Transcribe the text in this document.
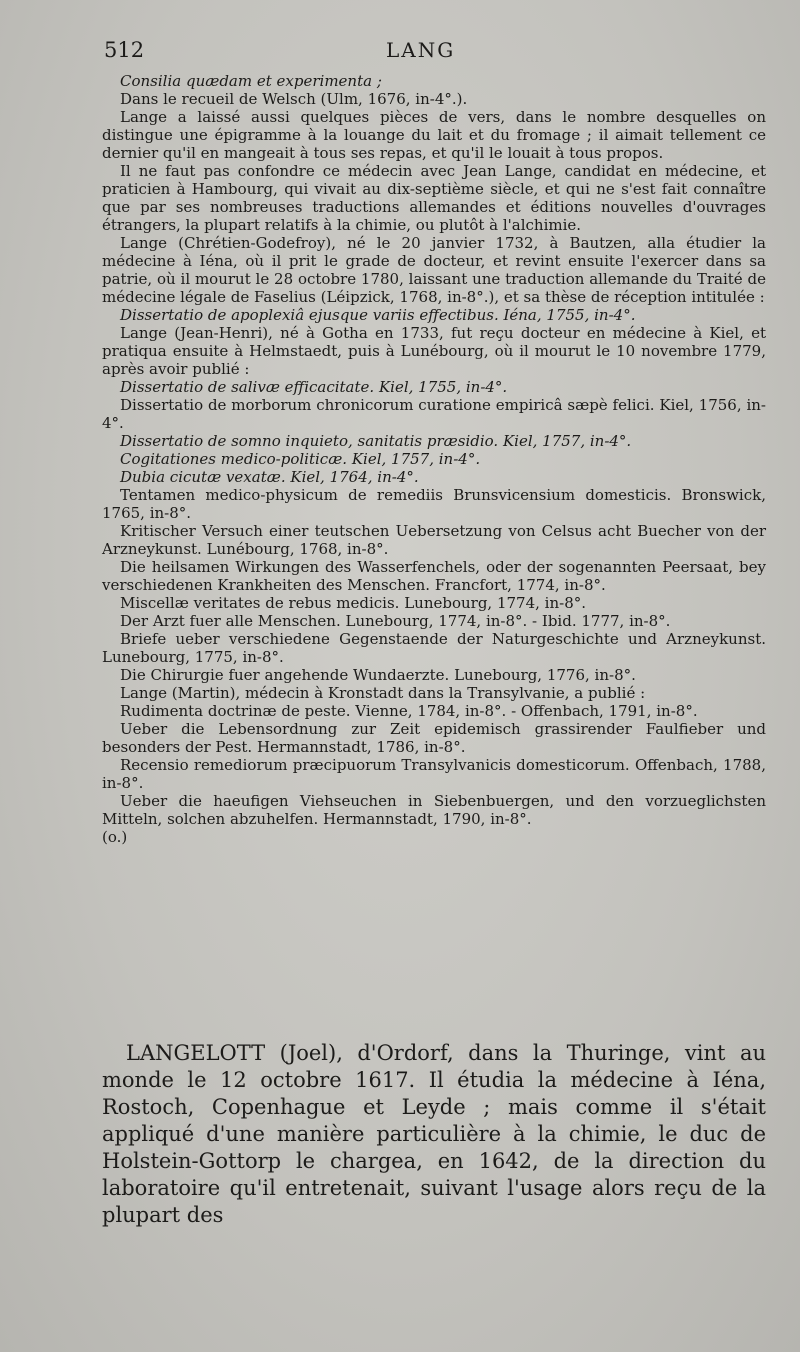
512	LANG

Consilia quædam et experimenta ;

Dans le recueil de Welsch (Ulm, 1676, in-4°.).

Lange a laissé aussi quelques pièces de vers, dans le nombre desquelles on distingue une épigramme à la louange du lait et du fromage ; il aimait tellement ce dernier qu'il en mangeait à tous ses repas, et qu'il le louait à tous propos.

Il ne faut pas confondre ce médecin avec Jean Lange, candidat en médecine, et praticien à Hambourg, qui vivait au dix-septième siècle, et qui ne s'est fait connaître que par ses nombreuses traductions allemandes et éditions nouvelles d'ouvrages étrangers, la plupart relatifs à la chimie, ou plutôt à l'alchimie.

Lange (Chrétien-Godefroy), né le 20 janvier 1732, à Bautzen, alla étudier la médecine à Iéna, où il prit le grade de docteur, et revint ensuite l'exercer dans sa patrie, où il mourut le 28 octobre 1780, laissant une traduction allemande du Traité de médecine légale de Faselius (Léipzick, 1768, in-8°.), et sa thèse de réception intitulée :

Dissertatio de apoplexiâ ejusque variis effectibus. Iéna, 1755, in-4°.

Lange (Jean-Henri), né à Gotha en 1733, fut reçu docteur en médecine à Kiel, et pratiqua ensuite à Helmstaedt, puis à Lunébourg, où il mourut le 10 novembre 1779, après avoir publié :

Dissertatio de salivæ efficacitate. Kiel, 1755, in-4°.

Dissertatio de morborum chronicorum curatione empiricâ sæpè felici. Kiel, 1756, in-4°.

Dissertatio de somno inquieto, sanitatis præsidio. Kiel, 1757, in-4°.

Cogitationes medico-politicæ. Kiel, 1757, in-4°.

Dubia cicutæ vexatæ. Kiel, 1764, in-4°.

Tentamen medico-physicum de remediis Brunsvicensium domesticis. Bronswick, 1765, in-8°.

Kritischer Versuch einer teutschen Uebersetzung von Celsus acht Buecher von der Arzneykunst. Lunébourg, 1768, in-8°.

Die heilsamen Wirkungen des Wasserfenchels, oder der sogenannten Peersaat, bey verschiedenen Krankheiten des Menschen. Francfort, 1774, in-8°.

Miscellæ veritates de rebus medicis. Lunebourg, 1774, in-8°.

Der Arzt fuer alle Menschen. Lunebourg, 1774, in-8°. - Ibid. 1777, in-8°.

Briefe ueber verschiedene Gegenstaende der Naturgeschichte und Arzneykunst. Lunebourg, 1775, in-8°.

Die Chirurgie fuer angehende Wundaerzte. Lunebourg, 1776, in-8°.

Lange (Martin), médecin à Kronstadt dans la Transylvanie, a publié :

Rudimenta doctrinæ de peste. Vienne, 1784, in-8°. - Offenbach, 1791, in-8°.

Ueber die Lebensordnung zur Zeit epidemisch grassirender Faulfieber und besonders der Pest. Hermannstadt, 1786, in-8°.

Recensio remediorum præcipuorum Transylvanicis domesticorum. Offenbach, 1788, in-8°.

Ueber die haeufigen Viehseuchen in Siebenbuergen, und den vorzueglichsten Mitteln, solchen abzuhelfen. Hermannstadt, 1790, in-8°.

(o.)

LANGELOTT (Joel), d'Ordorf, dans la Thuringe, vint au monde le 12 octobre 1617. Il étudia la médecine à Iéna, Rostoch, Copenhague et Leyde ; mais comme il s'était appliqué d'une manière particulière à la chimie, le duc de Holstein-Gottorp le chargea, en 1642, de la direction du laboratoire qu'il entretenait, suivant l'usage alors reçu de la plupart des
